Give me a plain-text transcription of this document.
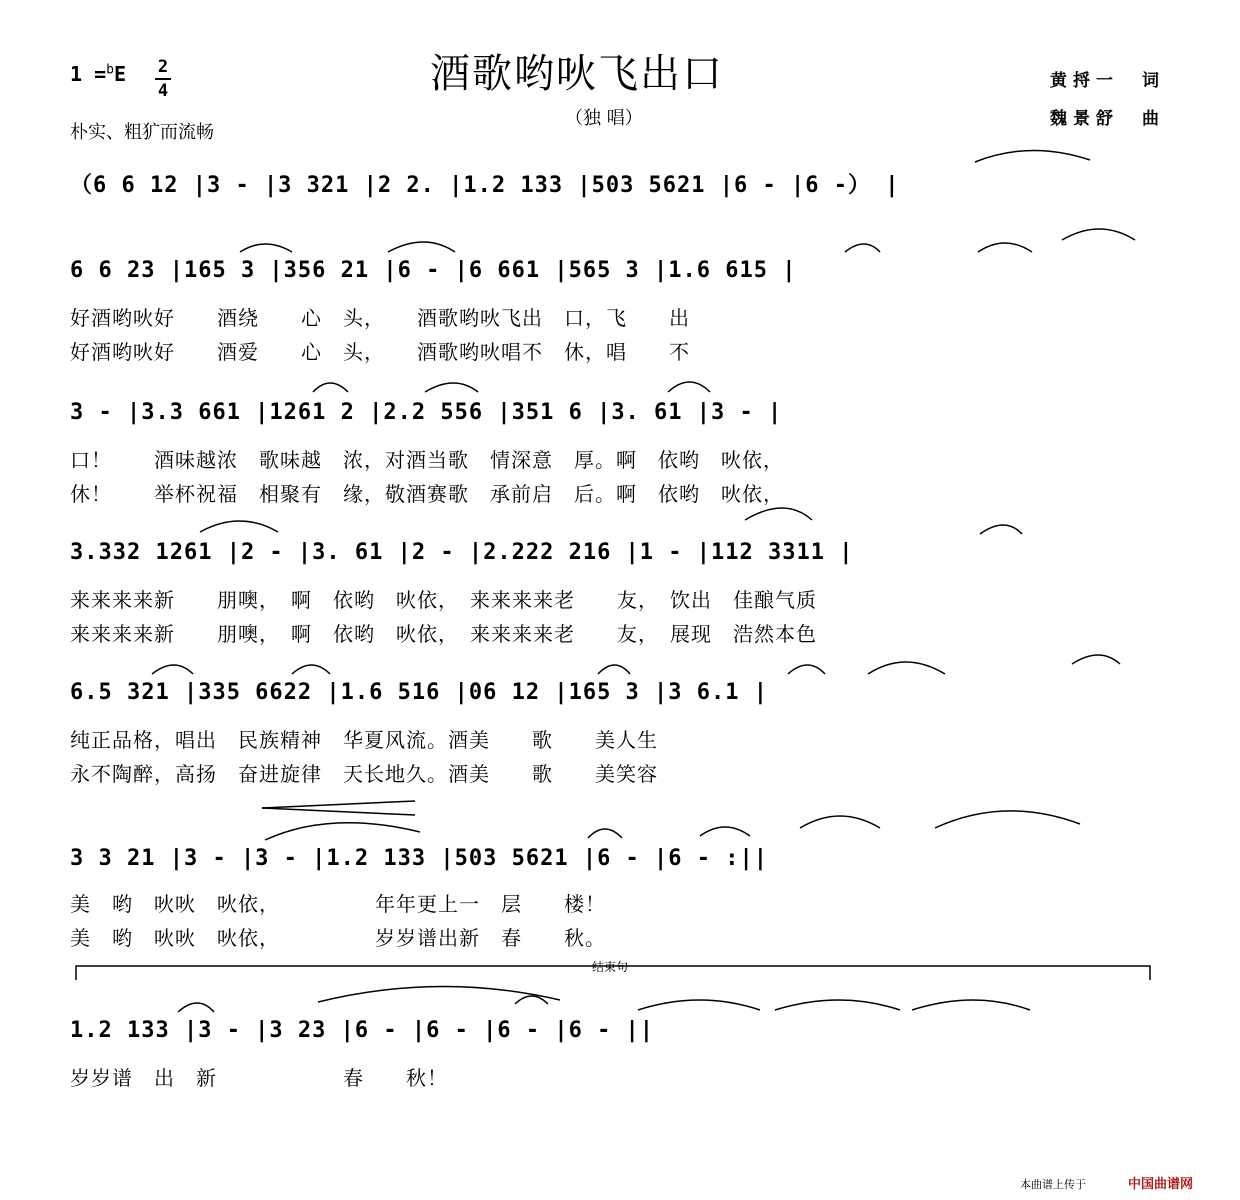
酒歌哟吙飞出口
（独 唱）
1 =$^b$E 2
4
朴实、粗犷而流畅
黄捋一　词
魏景舒　曲
（6 6 12 |3 - |3 321 |2 2. |1.2 133 |503 5621 |6 - |6 -） |
6 6 23 |165 3 |356 21 |6 - |6 661 |565 3 |1.6 615 |
好酒哟吙好　　酒绕　　心　头，　　酒歌哟吙飞出　口，飞　　出
好酒哟吙好　　酒爱　　心　头，　　酒歌哟吙唱不　休，唱　　不
3 - |3.3 661 |1261 2 |2.2 556 |351 6 |3. 61 |3 - |
口！　　酒味越浓　歌味越　浓，对酒当歌　情深意　厚。啊　依哟　吙依，
休！　　举杯祝福　相聚有　缘，敬酒赛歌　承前启　后。啊　依哟　吙依，
3.332 1261 |2 - |3. 61 |2 - |2.222 216 |1 - |112 3311 |
来来来来新　　朋噢，　啊　依哟　吙依，　来来来来老　　友，　饮出　佳酿气质
来来来来新　　朋噢，　啊　依哟　吙依，　来来来来老　　友，　展现　浩然本色
6.5 321 |335 6622 |1.6 516 |06 12 |165 3 |3 6.1 |
纯正品格，唱出　民族精神　华夏风流。酒美　　歌　　美人生
永不陶醉，高扬　奋进旋律　天长地久。酒美　　歌　　美笑容
3 3 21 |3 - |3 - |1.2 133 |503 5621 |6 - |6 - :||
美　哟　吙吙　吙依，　　　　　年年更上一　层　　楼！
美　哟　吙吙　吙依，　　　　　岁岁谱出新　春　　秋。
结束句
1.2 133 |3 - |3 23 |6 - |6 - |6 - |6 - ||
岁岁谱　出　新　　　　　　春　　秋！
本曲谱上传于	中国曲谱网
